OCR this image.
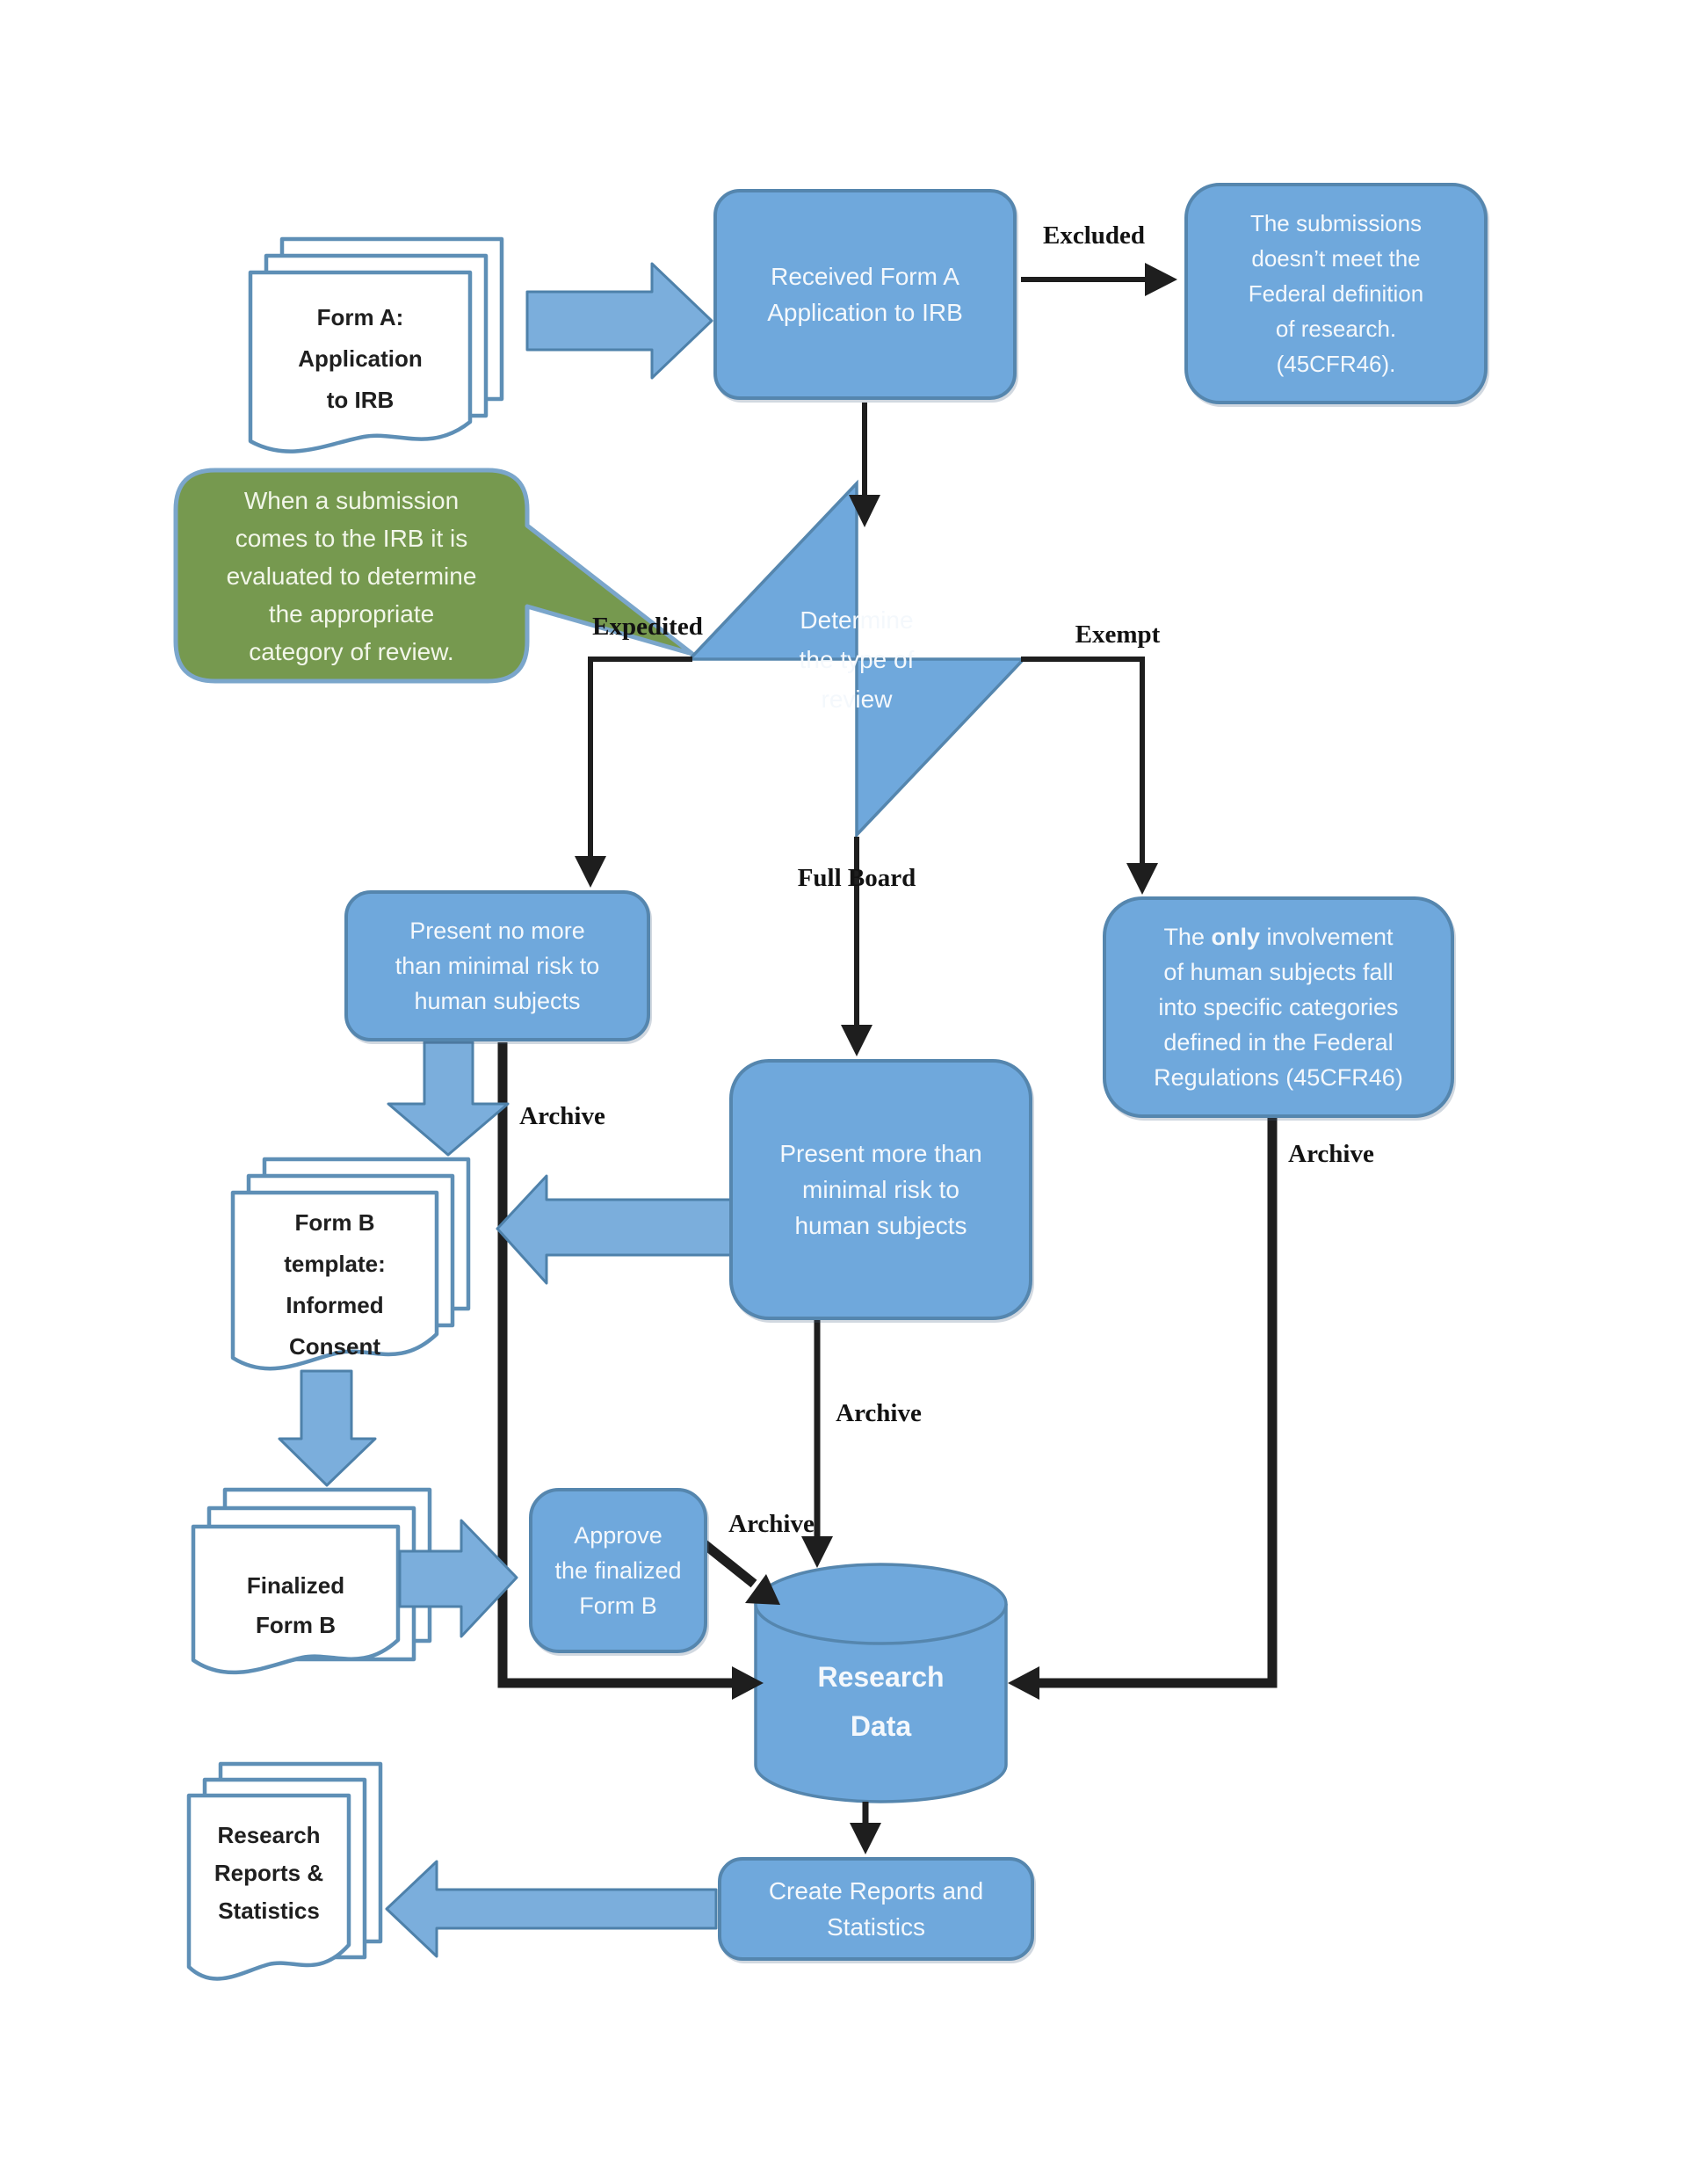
Form A:
Application
to IRB
Form B
template:
Informed
Consent
Finalized
Form B
Research
Reports &
Statistics
Received Form A
Application to IRB
The submissions
doesn’t meet the
Federal definition
of research.
(45CFR46).
Present no more
than minimal risk to
human subjects
Present more than
minimal risk to
human subjects
The only involvement
of human subjects fall
into specific categories
defined in the Federal
Regulations (45CFR46)
Approve
the finalized
Form B
Create Reports and
Statistics
Determine
the type of
review
When a submission
comes to the IRB it is
evaluated to determine
the appropriate
category of review.
Research
Data
Excluded
Expedited	Exempt
Full Board
Archive
Archive
Archive
Archive
